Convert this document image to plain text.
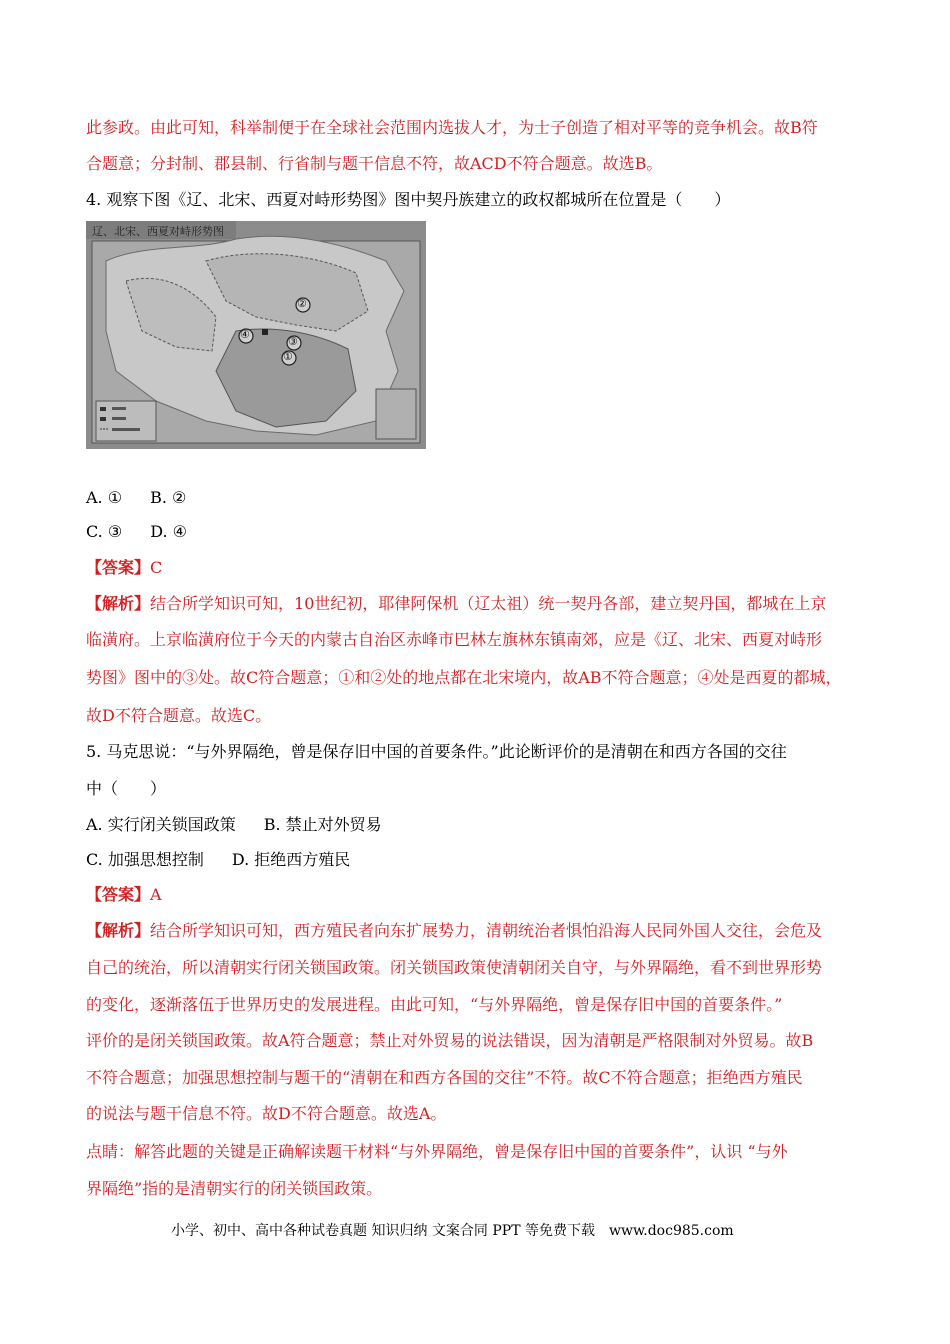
此参政。由此可知，科举制便于在全球社会范围内选拔人才，为士子创造了相对平等的竞争机会。故B符
合题意；分封制、郡县制、行省制与题干信息不符，故ACD不符合题意。故选B。
4. 观察下图《辽、北宋、西夏对峙形势图》图中契丹族建立的政权都城所在位置是（　　）
辽、北宋、西夏对峙形势图
②
③
①
④
A. ① B. ②
C. ③ D. ④
【答案】C
【解析】结合所学知识可知，10世纪初，耶律阿保机（辽太祖）统一契丹各部，建立契丹国，都城在上京
临潢府。上京临潢府位于今天的内蒙古自治区赤峰市巴林左旗林东镇南郊，应是《辽、北宋、西夏对峙形
势图》图中的③处。故C符合题意；①和②处的地点都在北宋境内，故AB不符合题意；④处是西夏的都城，
故D不符合题意。故选C。
5. 马克思说：“与外界隔绝，曾是保存旧中国的首要条件。”此论断评价的是清朝在和西方各国的交往
中（　　）
A. 实行闭关锁国政策 B. 禁止对外贸易
C. 加强思想控制 D. 拒绝西方殖民
【答案】A
【解析】结合所学知识可知，西方殖民者向东扩展势力，清朝统治者惧怕沿海人民同外国人交往，会危及
自己的统治，所以清朝实行闭关锁国政策。闭关锁国政策使清朝闭关自守，与外界隔绝，看不到世界形势
的变化，逐渐落伍于世界历史的发展进程。由此可知，“与外界隔绝，曾是保存旧中国的首要条件。”
评价的是闭关锁国政策。故A符合题意；禁止对外贸易的说法错误，因为清朝是严格限制对外贸易。故B
不符合题意；加强思想控制与题干的“清朝在和西方各国的交往”不符。故C不符合题意；拒绝西方殖民
的说法与题干信息不符。故D不符合题意。故选A。
点睛：解答此题的关键是正确解读题干材料“与外界隔绝，曾是保存旧中国的首要条件”，认识 “与外
界隔绝”指的是清朝实行的闭关锁国政策。
小学、初中、高中各种试卷真题 知识归纳 文案合同 PPT 等免费下载　www.doc985.com
